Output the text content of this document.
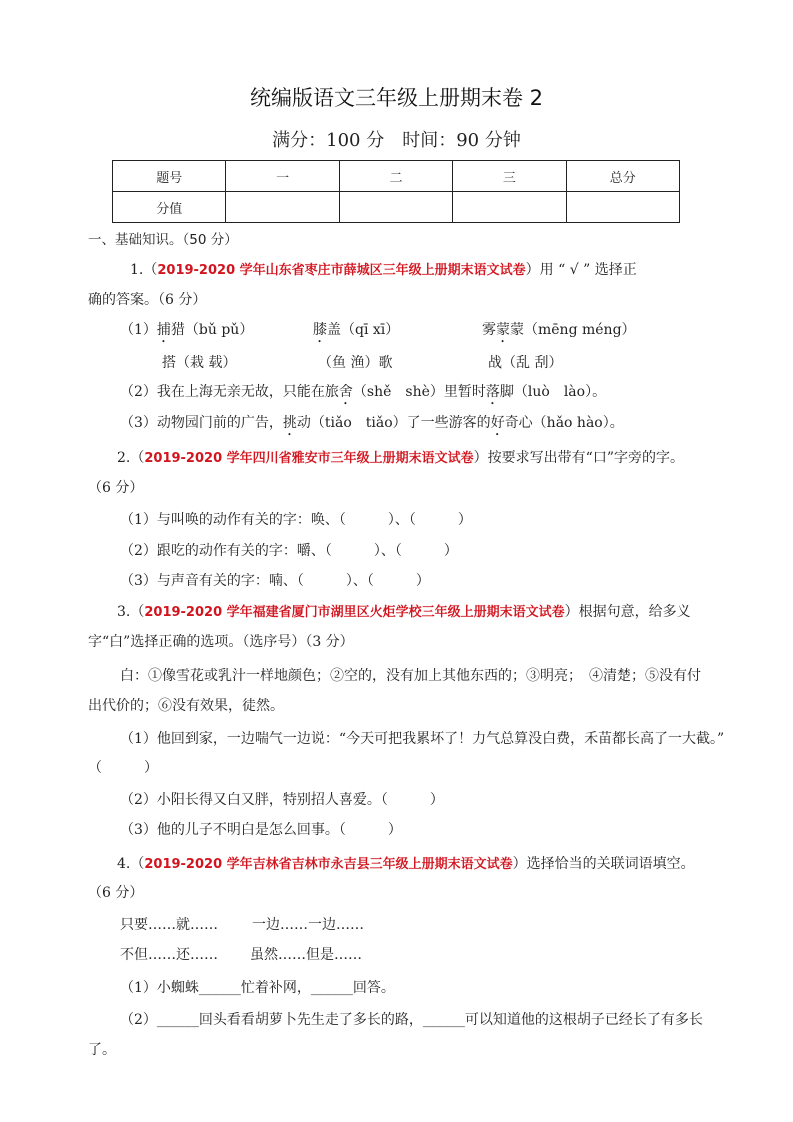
统编版语文三年级上册期末卷 2
满分：100 分　时间：90 分钟
题号	一	二	三	总分
分值				
一、基础知识。（50 分）
1.（2019-2020 学年山东省枣庄市薛城区三年级上册期末语文试卷）用 “ √ ” 选择正
确的答案。（6 分）
（1）捕猎（bǔ pǔ）	膝盖（qī xī）	雾蒙蒙（mēng méng）
搭（栽 载）	（鱼 渔）歌	战（乱 刮）
（2）我在上海无亲无故，只能在旅舍（shě　shè）里暂时落脚（luò　lào）。
（3）动物园门前的广告，挑动（tiǎo　tiǎo）了一些游客的好奇心（hǎo hào）。
2.（2019-2020 学年四川省雅安市三年级上册期末语文试卷）按要求写出带有“口”字旁的字。
（6 分）
（1）与叫唤的动作有关的字：唤、（　　　）、（　　　）
（2）跟吃的动作有关的字：嚼、（　　　）、（　　　）
（3）与声音有关的字：喃、（　　　）、（　　　）
3.（2019-2020 学年福建省厦门市湖里区火炬学校三年级上册期末语文试卷）根据句意，给多义
字“白”选择正确的选项。（选序号）（3 分）
白：①像雪花或乳汁一样地颜色；②空的，没有加上其他东西的；③明亮；　④清楚；⑤没有付
出代价的；⑥没有效果，徒然。
（1）他回到家，一边喘气一边说：“今天可把我累坏了！力气总算没白费，禾苗都长高了一大截。”
（　　　）
（2）小阳长得又白又胖，特别招人喜爱。（　　　）
（3）他的儿子不明白是怎么回事。（　　　）
4.（2019-2020 学年吉林省吉林市永吉县三年级上册期末语文试卷）选择恰当的关联词语填空。
（6 分）
只要……就…… 一边……一边……
不但……还…… 虽然……但是……
（1）小蜘蛛______忙着补网，______回答。
（2）______回头看看胡萝卜先生走了多长的路，______可以知道他的这根胡子已经长了有多长
了。
